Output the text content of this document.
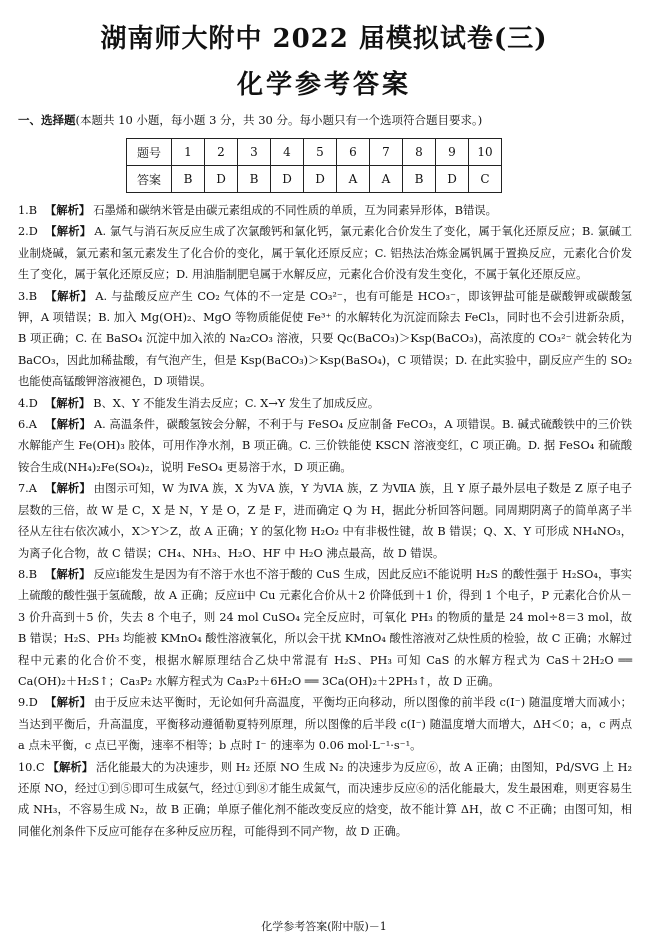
湖南师大附中 2022 届模拟试卷(三)
化学参考答案
一、选择题(本题共 10 小题，每小题 3 分，共 30 分。每小题只有一个选项符合题目要求。)
题号	1	2	3	4	5	6	7	8	9	10
答案	B	D	B	D	D	A	A	B	D	C

1.B 【解析】 石墨烯和碳纳米管是由碳元素组成的不同性质的单质，互为同素异形体，B错误。

2.D 【解析】 A. 氯气与消石灰反应生成了次氯酸钙和氯化钙，氯元素化合价发生了变化，属于氧化还原反应；B. 氯碱工业制烧碱，氯元素和氢元素发生了化合价的变化，属于氧化还原反应；C. 铝热法冶炼金属钒属于置换反应，元素化合价发生了变化，属于氧化还原反应；D. 用油脂制肥皂属于水解反应，元素化合价没有发生变化，不属于氧化还原反应。

3.B 【解析】 A. 与盐酸反应产生 CO₂ 气体的不一定是 CO₃²⁻，也有可能是 HCO₃⁻，即该钾盐可能是碳酸钾或碳酸氢钾，A 项错误；B. 加入 Mg(OH)₂、MgO 等物质能促使 Fe³⁺ 的水解转化为沉淀而除去 FeCl₃，同时也不会引进新杂质，B 项正确；C. 在 BaSO₄ 沉淀中加入浓的 Na₂CO₃ 溶液，只要 Qc(BaCO₃)＞Ksp(BaCO₃)，高浓度的 CO₃²⁻ 就会转化为 BaCO₃，因此加稀盐酸，有气泡产生，但是 Ksp(BaCO₃)＞Ksp(BaSO₄)，C 项错误；D. 在此实验中，副反应产生的 SO₂ 也能使高锰酸钾溶液褪色，D 项错误。

4.D 【解析】 B、X、Y 不能发生消去反应；C. X→Y 发生了加成反应。

6.A 【解析】 A. 高温条件，碳酸氢铵会分解，不利于与 FeSO₄ 反应制备 FeCO₃，A 项错误。B. 碱式硫酸铁中的三价铁水解能产生 Fe(OH)₃ 胶体，可用作净水剂，B 项正确。C. 三价铁能使 KSCN 溶液变红，C 项正确。D. 据 FeSO₄ 和硫酸铵合生成(NH₄)₂Fe(SO₄)₂，说明 FeSO₄ 更易溶于水，D 项正确。

7.A 【解析】 由图示可知，W 为ⅣA 族，X 为ⅤA 族，Y 为ⅥA 族，Z 为ⅦA 族，且 Y 原子最外层电子数是 Z 原子电子层数的三倍，故 W 是 C，X 是 N，Y 是 O，Z 是 F，进而确定 Q 为 H，据此分析回答问题。同周期阴离子的简单离子半径从左往右依次减小，X＞Y＞Z，故 A 正确；Y 的氢化物 H₂O₂ 中有非极性键，故 B 错误；Q、X、Y 可形成 NH₄NO₃，为离子化合物，故 C 错误；CH₄、NH₃、H₂O、HF 中 H₂O 沸点最高，故 D 错误。

8.B 【解析】 反应ⅰ能发生是因为有不溶于水也不溶于酸的 CuS 生成，因此反应ⅰ不能说明 H₂S 的酸性强于 H₂SO₄，事实上硫酸的酸性强于氢硫酸，故 A 正确；反应ⅱ中 Cu 元素化合价从＋2 价降低到＋1 价，得到 1 个电子，P 元素化合价从－3 价升高到＋5 价，失去 8 个电子，则 24 mol CuSO₄ 完全反应时，可氧化 PH₃ 的物质的量是 24 mol÷8＝3 mol，故 B 错误；H₂S、PH₃ 均能被 KMnO₄ 酸性溶液氧化，所以会干扰 KMnO₄ 酸性溶液对乙炔性质的检验，故 C 正确；水解过程中元素的化合价不变，根据水解原理结合乙炔中常混有 H₂S、PH₃ 可知 CaS 的水解方程式为 CaS＋2H₂O ══ Ca(OH)₂＋H₂S↑；Ca₃P₂ 水解方程式为 Ca₃P₂＋6H₂O ══ 3Ca(OH)₂＋2PH₃↑，故 D 正确。

9.D 【解析】 由于反应未达平衡时，无论如何升高温度，平衡均正向移动，所以图像的前半段 c(I⁻) 随温度增大而减小；当达到平衡后，升高温度，平衡移动遵循勒夏特列原理，所以图像的后半段 c(I⁻) 随温度增大而增大，ΔH＜0；a，c 两点 a 点未平衡，c 点已平衡，速率不相等；b 点时 I⁻ 的速率为 0.06 mol·L⁻¹·s⁻¹。

10.C 【解析】 活化能最大的为决速步，则 H₂ 还原 NO 生成 N₂ 的决速步为反应⑥，故 A 正确；由图知，Pd/SVG 上 H₂ 还原 NO，经过①到⑤即可生成氨气，经过①到⑧才能生成氮气，而决速步反应⑥的活化能最大，发生最困难，则更容易生成 NH₃，不容易生成 N₂，故 B 正确；单原子催化剂不能改变反应的焓变，故不能计算 ΔH，故 C 不正确；由图可知，相同催化剂条件下反应可能存在多种反应历程，可能得到不同产物，故 D 正确。

化学参考答案(附中版)－1
